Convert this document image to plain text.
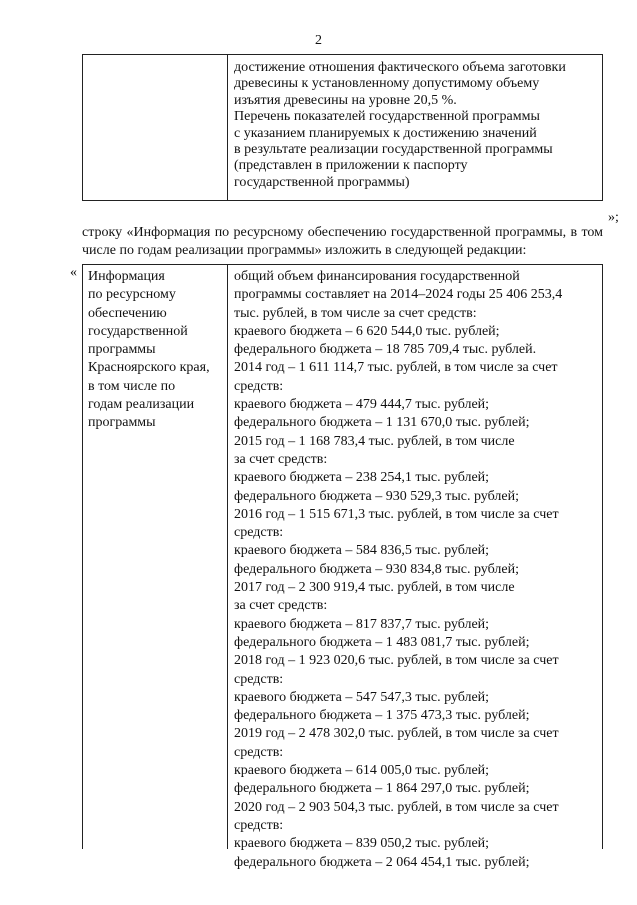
2

достижение отношения фактического объема заготовки

древесины к установленному допустимому объему

изъятия древесины на уровне 20,5 %.

Перечень показателей государственной программы

с указанием планируемых к достижению значений

в результате реализации государственной программы

(представлен в приложении к паспорту

государственной программы)

»;

строку «Информация по ресурсному обеспечению государственной программы, в том числе по годам реализации программы» изложить в следующей редакции:

« Информация
по ресурсному
обеспечению
государственной
программы
Красноярского края,
в том числе по
годам реализации
программы
общий объем финансирования государственной
программы составляет на 2014–2024 годы 25 406 253,4
тыс. рублей, в том числе за счет средств:
краевого бюджета – 6 620 544,0 тыс. рублей;
федерального бюджета – 18 785 709,4 тыс. рублей.
2014 год – 1 611 114,7 тыс. рублей, в том числе за счет
средств:
краевого бюджета – 479 444,7 тыс. рублей;
федерального бюджета – 1 131 670,0 тыс. рублей;
2015 год – 1 168 783,4 тыс. рублей, в том числе
за счет средств:
краевого бюджета – 238 254,1 тыс. рублей;
федерального бюджета – 930 529,3 тыс. рублей;
2016 год – 1 515 671,3 тыс. рублей, в том числе за счет
средств:
краевого бюджета – 584 836,5 тыс. рублей;
федерального бюджета – 930 834,8 тыс. рублей;
2017 год – 2 300 919,4 тыс. рублей, в том числе
за счет средств:
краевого бюджета – 817 837,7 тыс. рублей;
федерального бюджета – 1 483 081,7 тыс. рублей;
2018 год – 1 923 020,6 тыс. рублей, в том числе за счет
средств:
краевого бюджета – 547 547,3 тыс. рублей;
федерального бюджета – 1 375 473,3 тыс. рублей;
2019 год – 2 478 302,0 тыс. рублей, в том числе за счет
средств:
краевого бюджета – 614 005,0 тыс. рублей;
федерального бюджета – 1 864 297,0 тыс. рублей;
2020 год – 2 903 504,3 тыс. рублей, в том числе за счет
средств:
краевого бюджета – 839 050,2 тыс. рублей;
федерального бюджета – 2 064 454,1 тыс. рублей;
